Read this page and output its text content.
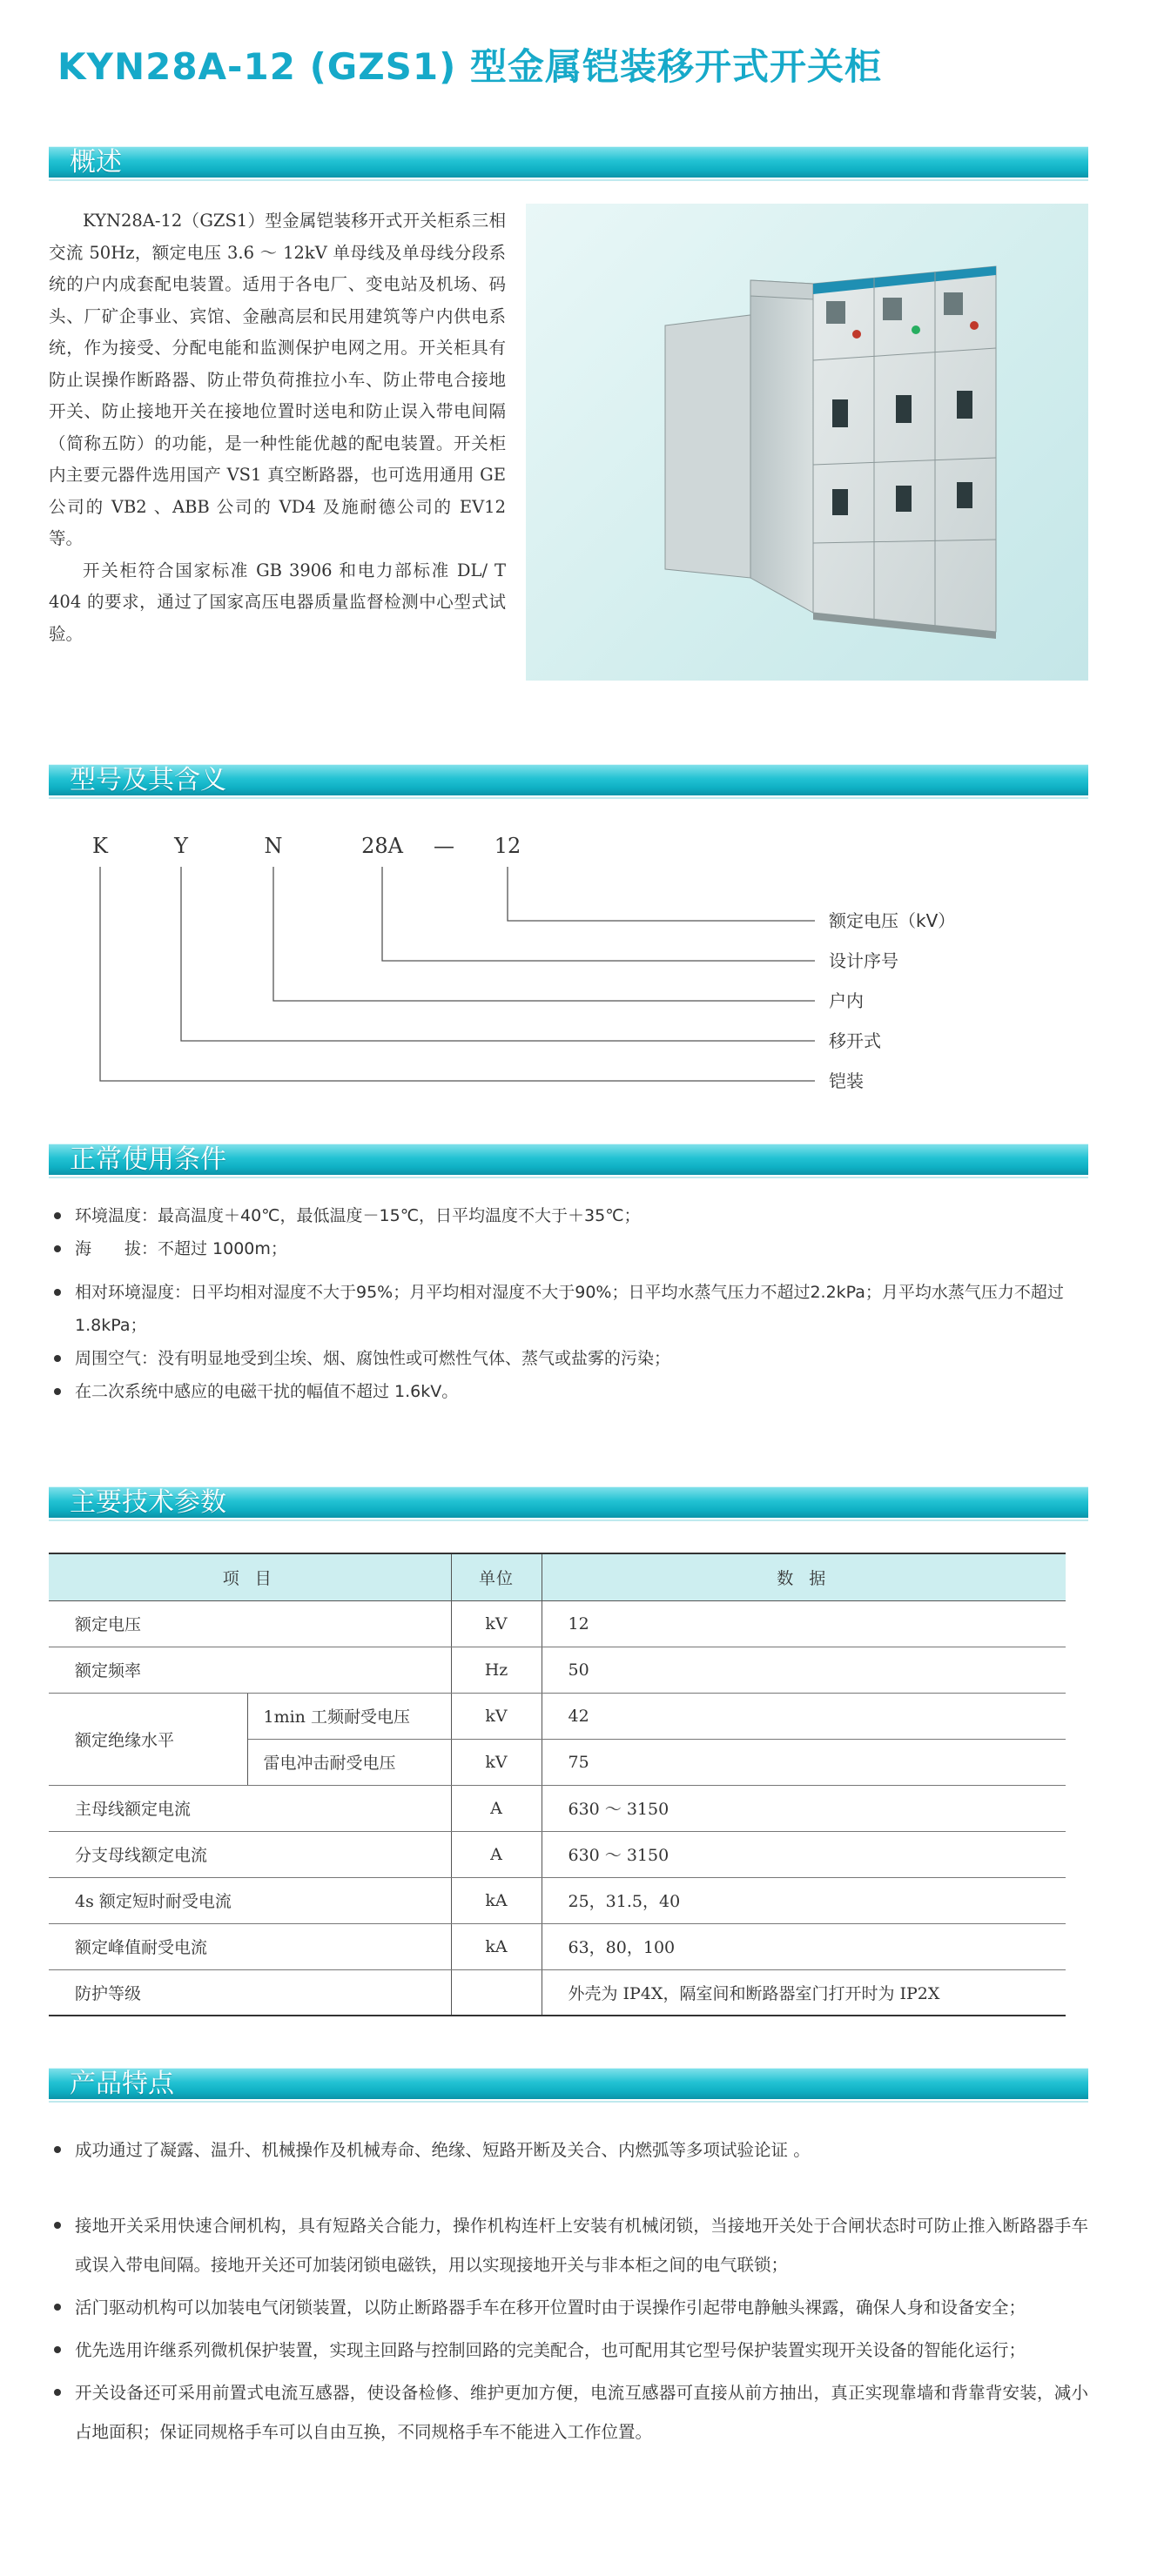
KYN28A-12 (GZS1) 型金属铠装移开式开关柜
概述

KYN28A-12（GZS1）型金属铠装移开式开关柜系三相交流 50Hz，额定电压 3.6 ～ 12kV 单母线及单母线分段系统的户内成套配电装置。适用于各电厂、变电站及机场、码头、厂矿企事业、宾馆、金融高层和民用建筑等户内供电系统，作为接受、分配电能和监测保护电网之用。开关柜具有防止误操作断路器、防止带负荷推拉小车、防止带电合接地开关、防止接地开关在接地位置时送电和防止误入带电间隔（简称五防）的功能，是一种性能优越的配电装置。开关柜内主要元器件选用国产 VS1 真空断路器，也可选用通用 GE 公司的 VB2 、ABB 公司的 VD4 及施耐德公司的 EV12 等。

开关柜符合国家标准 GB 3906 和电力部标准 DL/ T 404 的要求，通过了国家高压电器质量监督检测中心型式试验。

型号及其含义
K	Y	N	28A — 12
额定电压（kV）
设计序号
户内
移开式
铠装
正常使用条件
环境温度：最高温度＋40℃，最低温度－15℃，日平均温度不大于＋35℃；
海　　拔：不超过 1000m；
相对环境湿度：日平均相对湿度不大于95%；月平均相对湿度不大于90%；日平均水蒸气压力不超过2.2kPa；月平均水蒸气压力不超过 1.8kPa；
周围空气：没有明显地受到尘埃、烟、腐蚀性或可燃性气体、蒸气或盐雾的污染；
在二次系统中感应的电磁干扰的幅值不超过 1.6kV。
主要技术参数
项 目		单位	数 据
额定电压		kV	12
额定频率		Hz	50
额定绝缘水平	1min 工频耐受电压	kV	42
	雷电冲击耐受电压	kV	75
主母线额定电流		A	630 ～ 3150
分支母线额定电流		A	630 ～ 3150
4s 额定短时耐受电流		kA	25，31.5，40
额定峰值耐受电流		kA	63，80，100
防护等级			外壳为 IP4X，隔室间和断路器室门打开时为 IP2X
产品特点
成功通过了凝露、温升、机械操作及机械寿命、绝缘、短路开断及关合、内燃弧等多项试验论证 。
接地开关采用快速合闸机构，具有短路关合能力，操作机构连杆上安装有机械闭锁，当接地开关处于合闸状态时可防止推入断路器手车或误入带电间隔。接地开关还可加装闭锁电磁铁，用以实现接地开关与非本柜之间的电气联锁；
活门驱动机构可以加装电气闭锁装置，以防止断路器手车在移开位置时由于误操作引起带电静触头裸露，确保人身和设备安全；
优先选用许继系列微机保护装置，实现主回路与控制回路的完美配合，也可配用其它型号保护装置实现开关设备的智能化运行；
开关设备还可采用前置式电流互感器，使设备检修、维护更加方便，电流互感器可直接从前方抽出，真正实现靠墙和背靠背安装，减小占地面积；保证同规格手车可以自由互换，不同规格手车不能进入工作位置。
